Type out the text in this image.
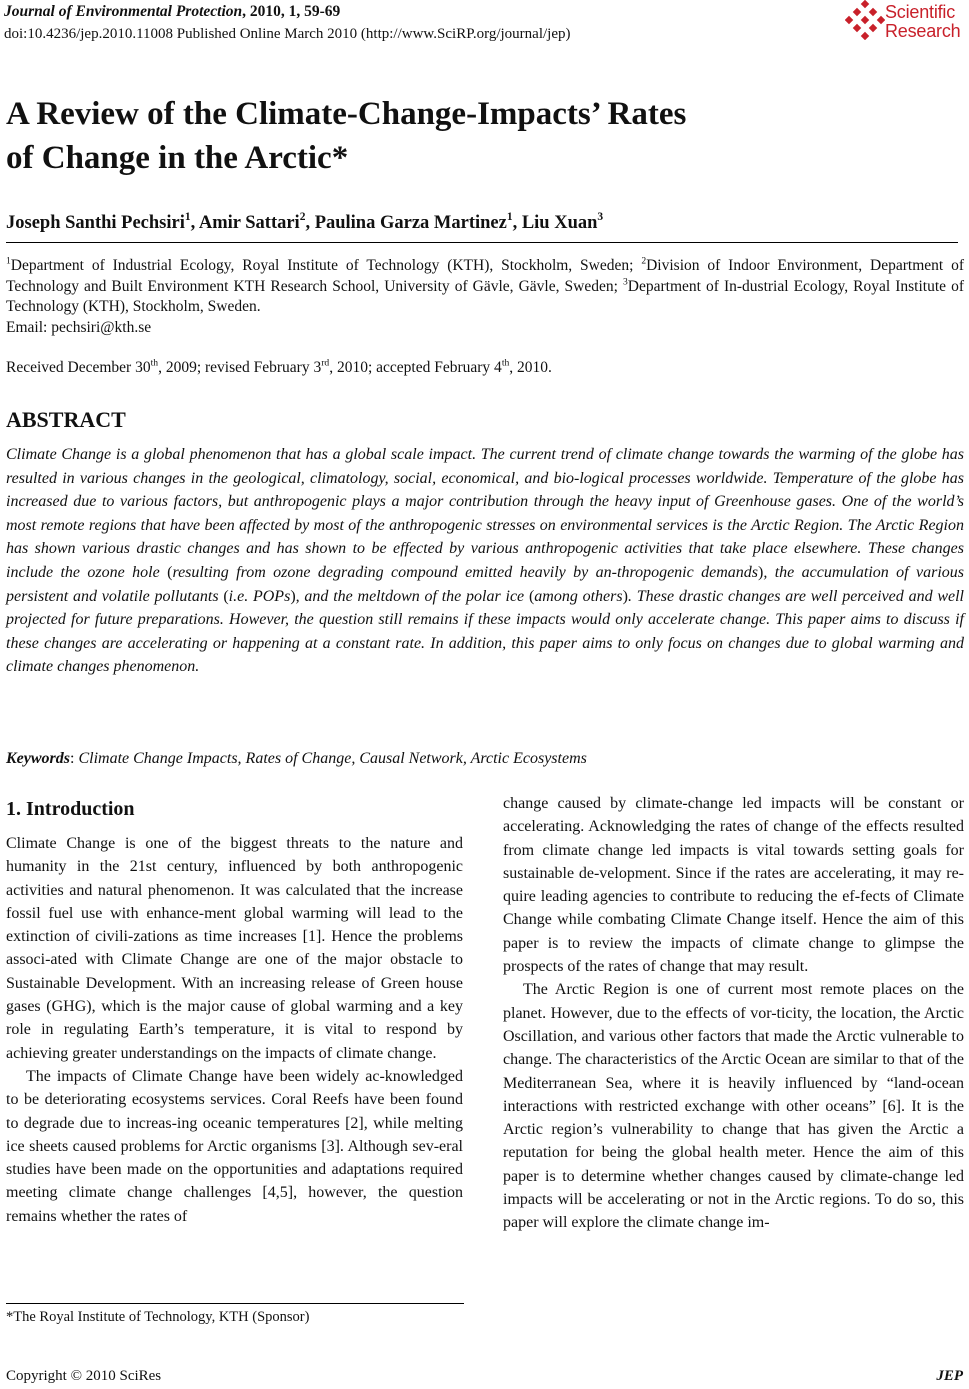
Journal of Environmental Protection, 2010, 1, 59-69
doi:10.4236/jep.2010.11008 Published Online March 2010 (http://www.SciRP.org/journal/jep)
Scientific
Research
A Review of the Climate-Change-Impacts’ Rates
of Change in the Arctic*
Joseph Santhi Pechsiri$^1$, Amir Sattari$^2$, Paulina Garza Martinez$^1$, Liu Xuan$^3$
$^1$Department of Industrial Ecology, Royal Institute of Technology (KTH), Stockholm, Sweden; $^2$Division of Indoor Environment, Department of Technology and Built Environment KTH Research School, University of Gävle, Gävle, Sweden; $^3$Department of In-dustrial Ecology, Royal Institute of Technology (KTH), Stockholm, Sweden.
Email: pechsiri@kth.se
Received December 30th, 2009; revised February 3rd, 2010; accepted February 4th, 2010.
ABSTRACT
Climate Change is a global phenomenon that has a global scale impact. The current trend of climate change towards the warming of the globe has resulted in various changes in the geological, climatology, social, economical, and bio-logical processes worldwide. Temperature of the globe has increased due to various factors, but anthropogenic plays a major contribution through the heavy input of Greenhouse gases. One of the world’s most remote regions that have been affected by most of the anthropogenic stresses on environmental services is the Arctic Region. The Arctic Region has shown various drastic changes and has shown to be effected by various anthropogenic activities that take place elsewhere. These changes include the ozone hole (resulting from ozone degrading compound emitted heavily by an-thropogenic demands), the accumulation of various persistent and volatile pollutants (i.e. POPs), and the meltdown of the polar ice (among others). These drastic changes are well perceived and well projected for future preparations. However, the question still remains if these impacts would only accelerate change. This paper aims to discuss if these changes are accelerating or happening at a constant rate. In addition, this paper aims to only focus on changes due to global warming and climate changes phenomenon.
Keywords: Climate Change Impacts, Rates of Change, Causal Network, Arctic Ecosystems
1. Introduction

Climate Change is one of the biggest threats to the nature and humanity in the 21st century, influenced by both anthropogenic activities and natural phenomenon. It was calculated that the increase fossil fuel use with enhance-ment global warming will lead to the extinction of civili-zations as time increases [1]. Hence the problems associ-ated with Climate Change are one of the major obstacle to Sustainable Development. With an increasing release of Green house gases (GHG), which is the major cause of global warming and a key role in regulating Earth’s temperature, it is vital to respond by achieving greater understandings on the impacts of climate change.

The impacts of Climate Change have been widely ac-knowledged to be deteriorating ecosystems services. Coral Reefs have been found to degrade due to increas-ing oceanic temperatures [2], while melting ice sheets caused problems for Arctic organisms [3]. Although sev-eral studies have been made on the opportunities and adaptations required meeting climate change challenges [4,5], however, the question remains whether the rates of

change caused by climate-change led impacts will be constant or accelerating. Acknowledging the rates of change of the effects resulted from climate change led impacts is vital towards setting goals for sustainable de-velopment. Since if the rates are accelerating, it may re-quire leading agencies to contribute to reducing the ef-fects of Climate Change while combating Climate Change itself. Hence the aim of this paper is to review the impacts of climate change to glimpse the prospects of the rates of change that may result.

The Arctic Region is one of current most remote places on the planet. However, due to the effects of vor-ticity, the location, the Arctic Oscillation, and various other factors that made the Arctic vulnerable to change. The characteristics of the Arctic Ocean are similar to that of the Mediterranean Sea, where it is heavily influenced by “land-ocean interactions with restricted exchange with other oceans” [6]. It is the Arctic region’s vulnerability to change that has given the Arctic a reputation for being the global health meter. Hence the aim of this paper is to determine whether changes caused by climate-change led impacts will be accelerating or not in the Arctic regions. To do so, this paper will explore the climate change im-

*The Royal Institute of Technology, KTH (Sponsor)
Copyright © 2010 SciRes	JEP
